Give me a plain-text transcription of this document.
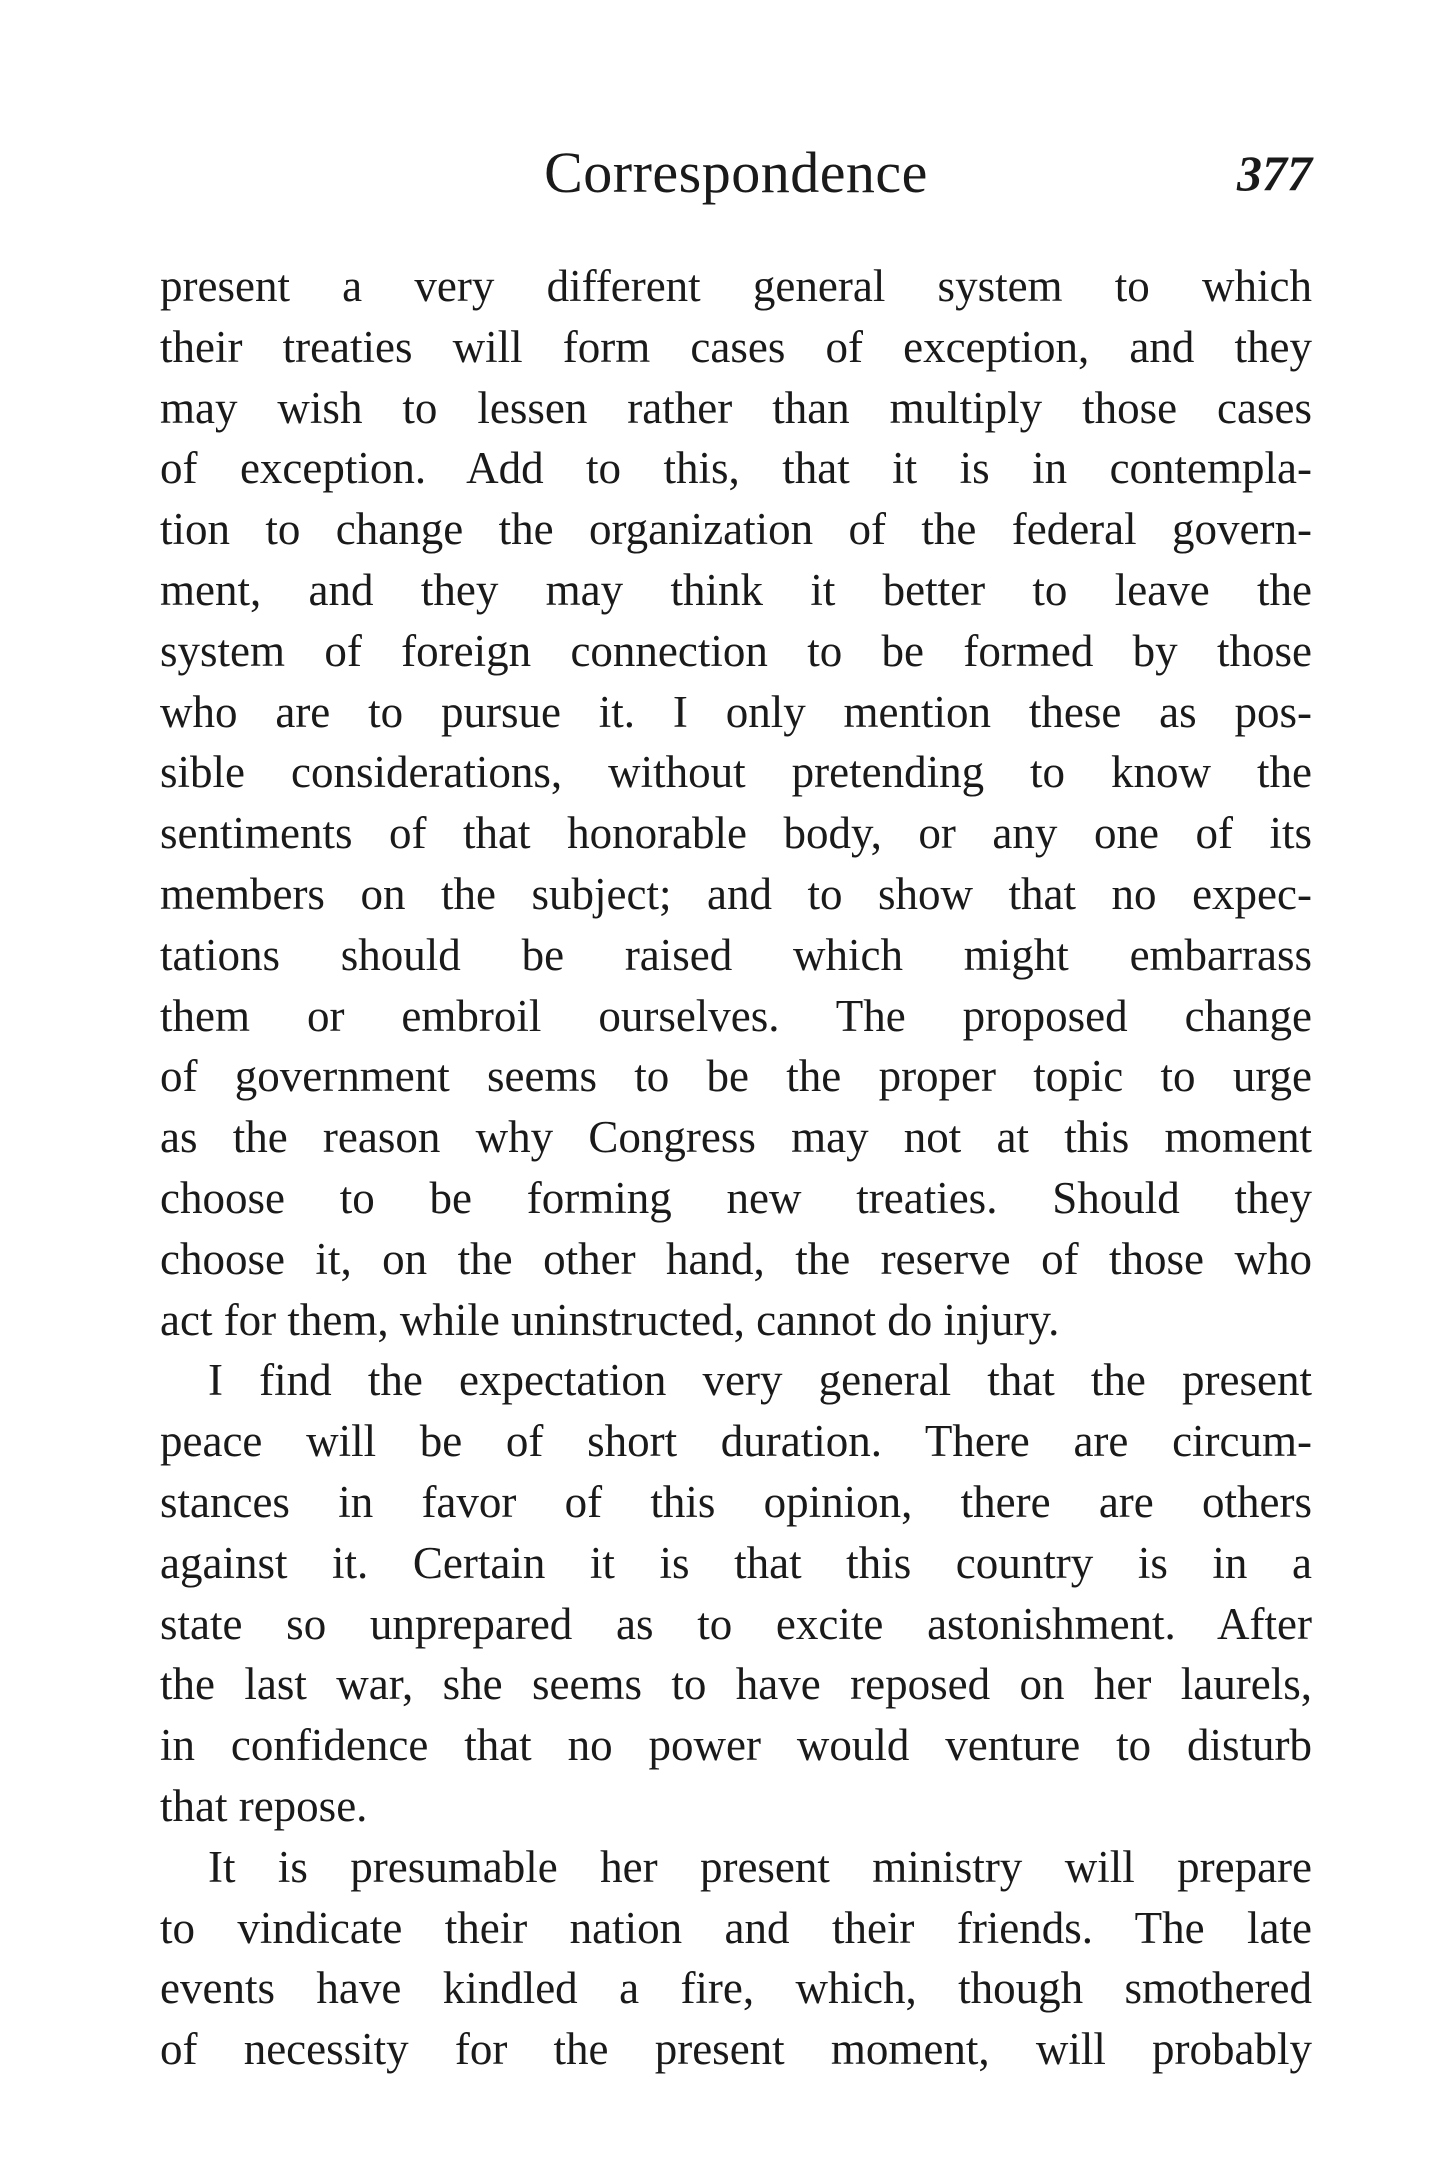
Correspondence	377
present a very different general system to which
their treaties will form cases of exception, and they
may wish to lessen rather than multiply those cases
of exception. Add to this, that it is in contempla-
tion to change the organization of the federal govern-
ment, and they may think it better to leave the
system of foreign connection to be formed by those
who are to pursue it. I only mention these as pos-
sible considerations, without pretending to know the
sentiments of that honorable body, or any one of its
members on the subject; and to show that no expec-
tations should be raised which might embarrass
them or embroil ourselves. The proposed change
of government seems to be the proper topic to urge
as the reason why Congress may not at this moment
choose to be forming new treaties. Should they
choose it, on the other hand, the reserve of those who
act for them, while uninstructed, cannot do injury.
I find the expectation very general that the present
peace will be of short duration. There are circum-
stances in favor of this opinion, there are others
against it. Certain it is that this country is in a
state so unprepared as to excite astonishment. After
the last war, she seems to have reposed on her laurels,
in confidence that no power would venture to disturb
that repose.
It is presumable her present ministry will prepare
to vindicate their nation and their friends. The late
events have kindled a fire, which, though smothered
of necessity for the present moment, will probably
